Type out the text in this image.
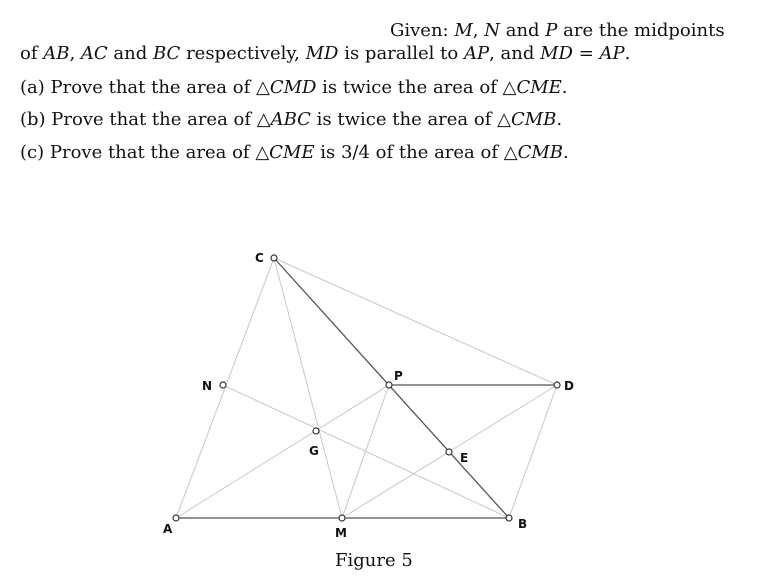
Given: M, N and P are the midpoints
of AB, AC and BC respectively, MD is parallel to AP, and MD = AP.
(a) Prove that the area of △CMD is twice the area of △CME.
(b) Prove that the area of △ABC is twice the area of △CMB.
(c) Prove that the area of △CME is 3/4 of the area of △CMB.
A	B
C
D
M
N
P
G	E
Figure 5
